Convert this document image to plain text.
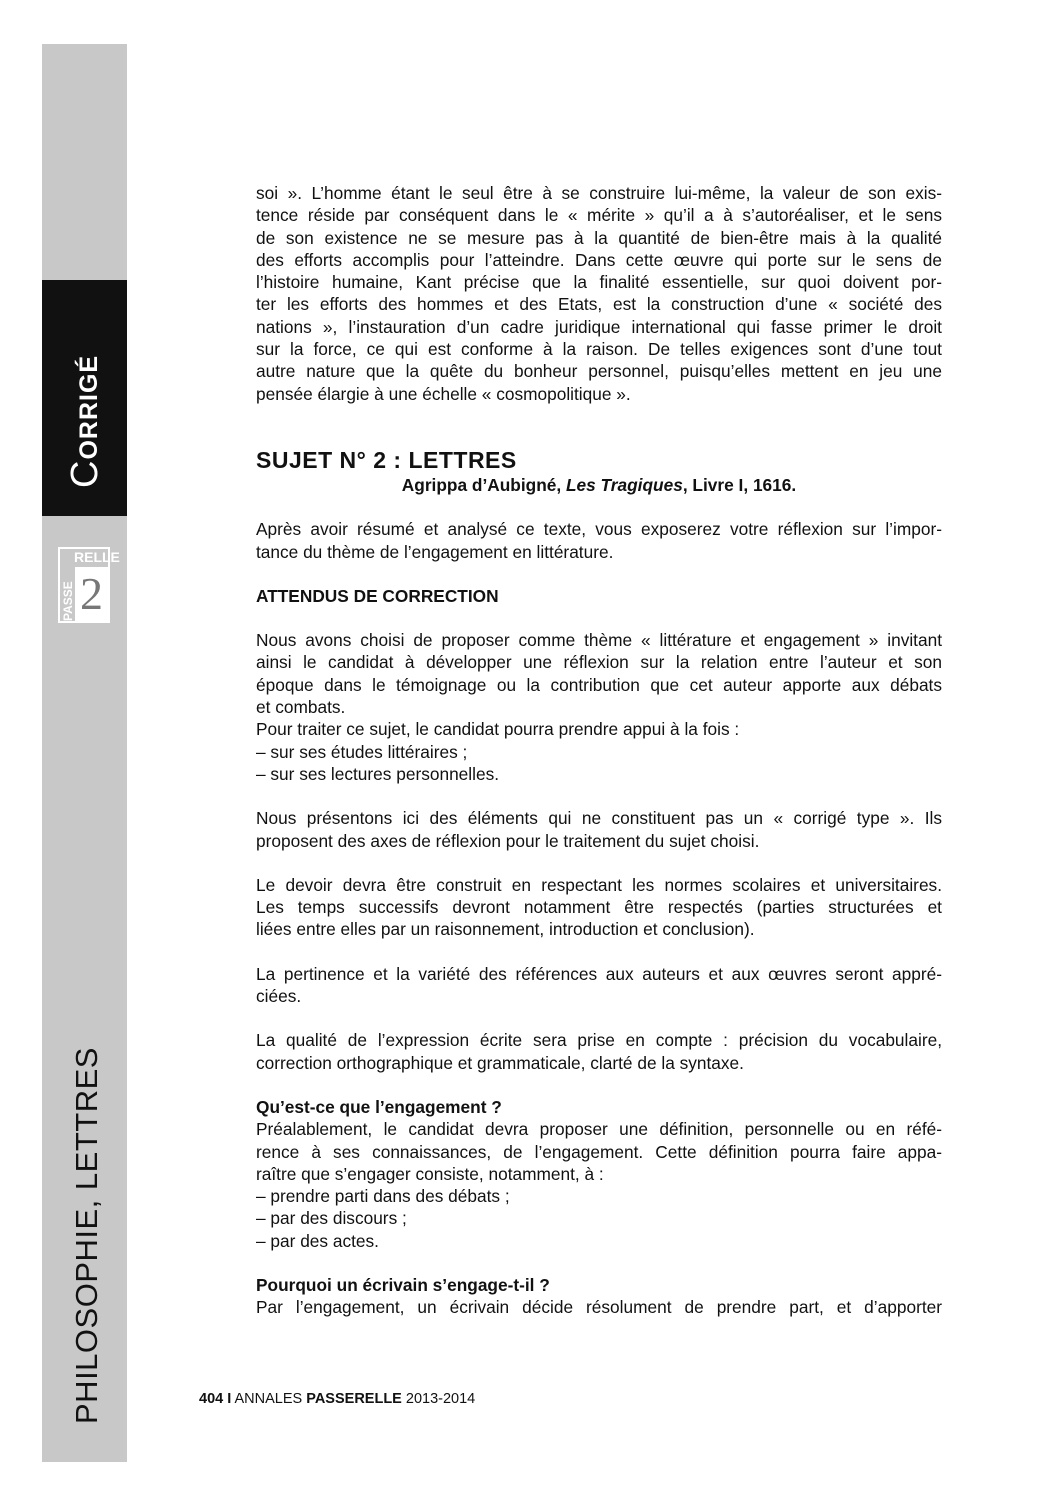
CORRIGÉ
RELLE
PASSE 2
PHILOSOPHIE, LETTRES

soi ». L’homme étant le seul être à se construire lui-même, la valeur de son exis-

tence réside par conséquent dans le « mérite » qu’il a à s’autoréaliser, et le sens

de son existence ne se mesure pas à la quantité de bien-être mais à la qualité

des efforts accomplis pour l’atteindre. Dans cette œuvre qui porte sur le sens de

l’histoire humaine, Kant précise que la finalité essentielle, sur quoi doivent por-

ter les efforts des hommes et des Etats, est la construction d’une « société des

nations », l’instauration d’un cadre juridique international qui fasse primer le droit

sur la force, ce qui est conforme à la raison. De telles exigences sont d’une tout

autre nature que la quête du bonheur personnel, puisqu’elles mettent en jeu une

pensée élargie à une échelle « cosmopolitique ».

SUJET N° 2 : LETTRES

Agrippa d’Aubigné, Les Tragiques, Livre I, 1616.

Après avoir résumé et analysé ce texte, vous exposerez votre réflexion sur l’impor-

tance du thème de l’engagement en littérature.

ATTENDUS DE CORRECTION

Nous avons choisi de proposer comme thème « littérature et engagement » invitant

ainsi le candidat à développer une réflexion sur la relation entre l’auteur et son

époque dans le témoignage ou la contribution que cet auteur apporte aux débats

et combats.

Pour traiter ce sujet, le candidat pourra prendre appui à la fois :

– sur ses études littéraires ;

– sur ses lectures personnelles.

Nous présentons ici des éléments qui ne constituent pas un « corrigé type ». Ils

proposent des axes de réflexion pour le traitement du sujet choisi.

Le devoir devra être construit en respectant les normes scolaires et universitaires.

Les temps successifs devront notamment être respectés (parties structurées et

liées entre elles par un raisonnement, introduction et conclusion).

La pertinence et la variété des références aux auteurs et aux œuvres seront appré-

ciées.

La qualité de l’expression écrite sera prise en compte : précision du vocabulaire,

correction orthographique et grammaticale, clarté de la syntaxe.

Qu’est-ce que l’engagement ?

Préalablement, le candidat devra proposer une définition, personnelle ou en réfé-

rence à ses connaissances, de l’engagement. Cette définition pourra faire appa-

raître que s’engager consiste, notamment, à :

– prendre parti dans des débats ;

– par des discours ;

– par des actes.

Pourquoi un écrivain s’engage-t-il ?

Par l’engagement, un écrivain décide résolument de prendre part, et d’apporter

404 I ANNALES PASSERELLE 2013-2014
